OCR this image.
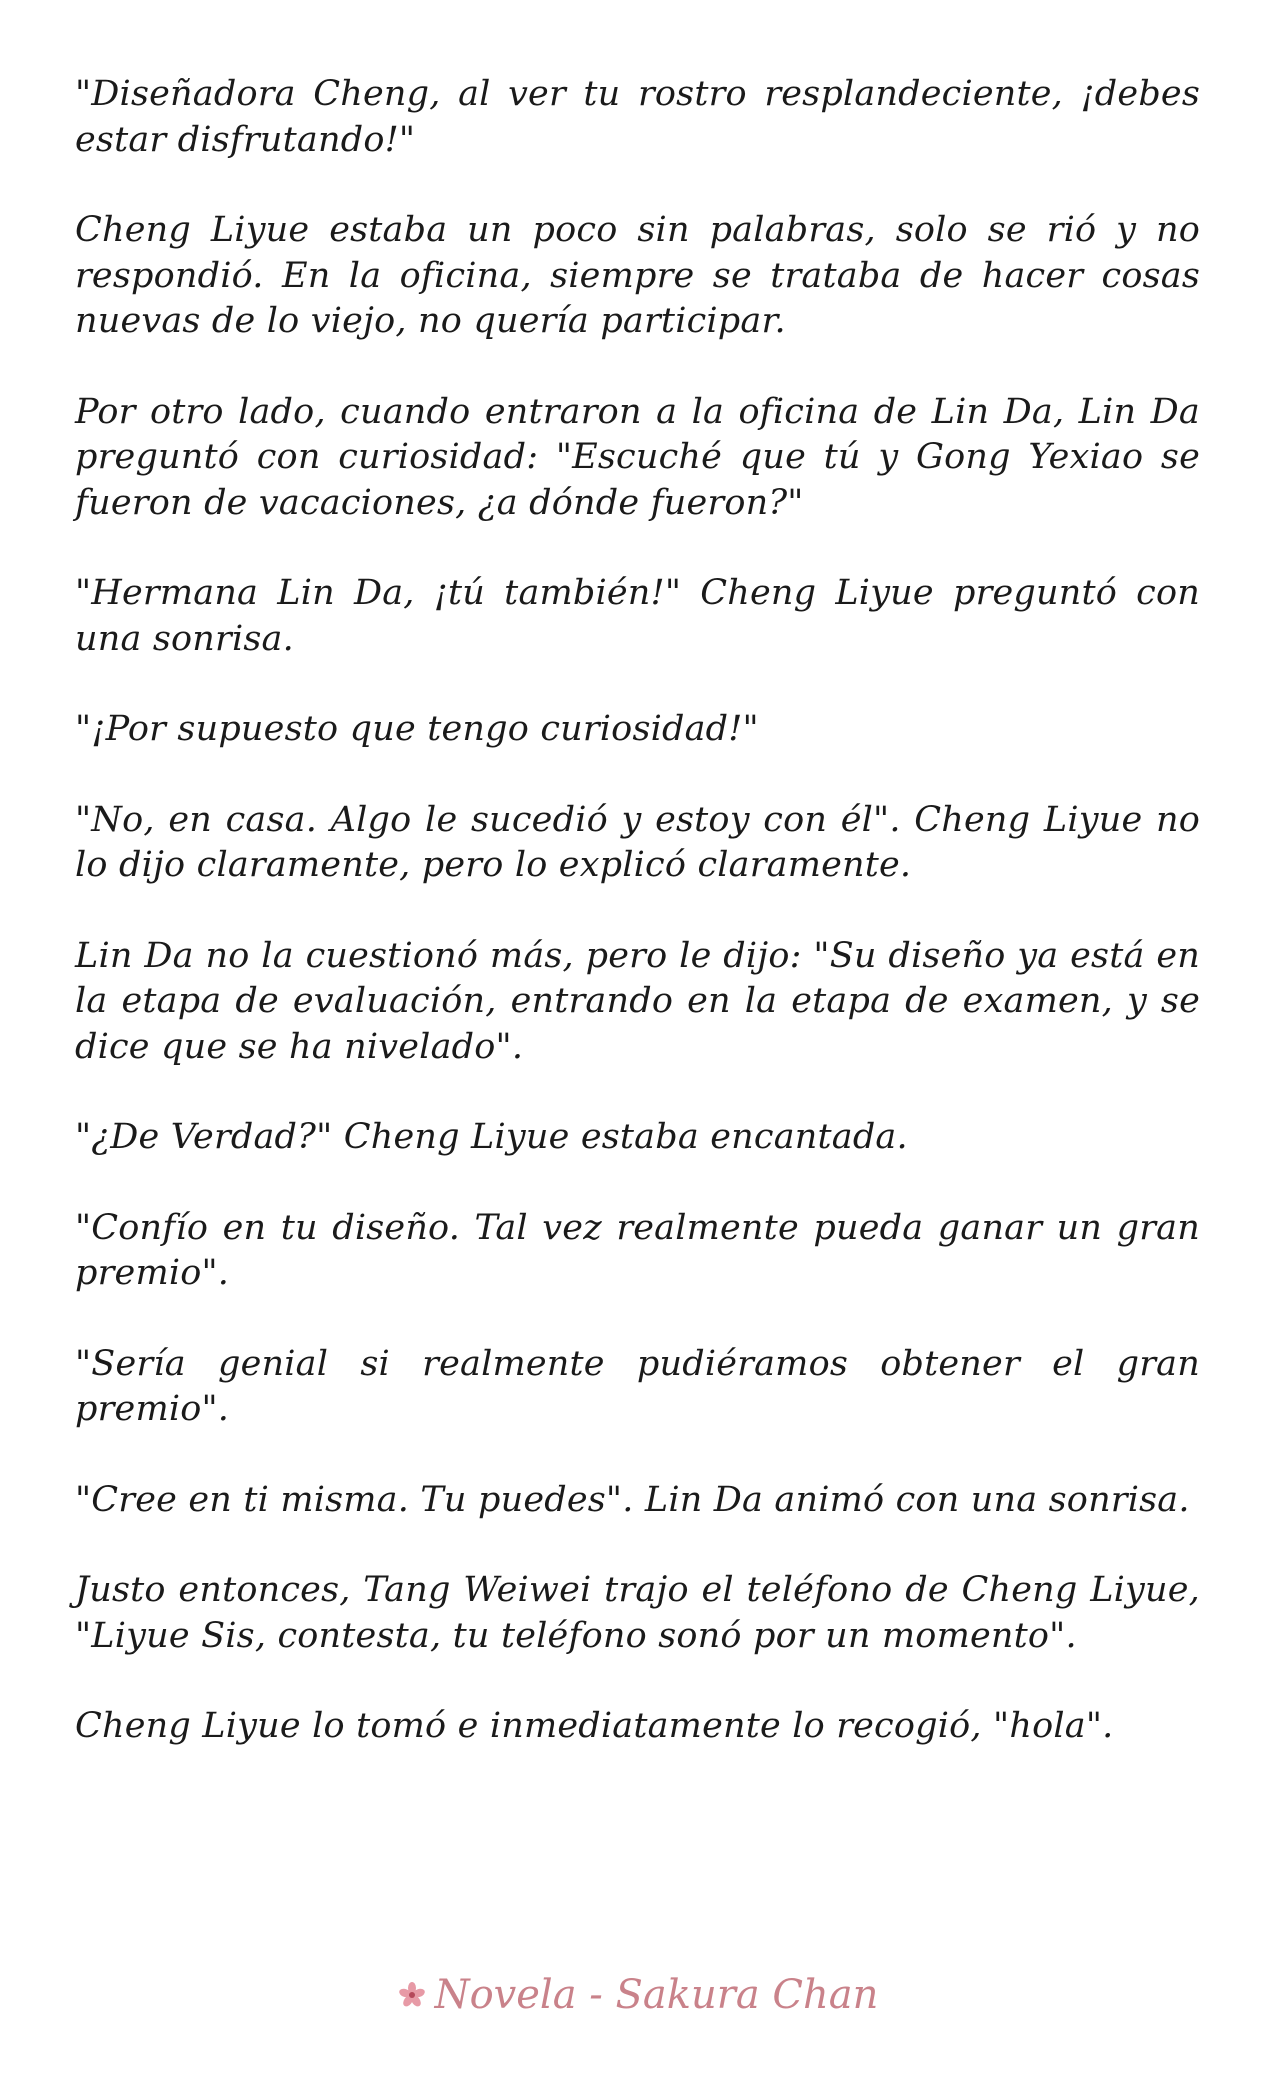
"Diseñadora Cheng, al ver tu rostro resplandeciente, ¡debes estar disfrutando!"

Cheng Liyue estaba un poco sin palabras, solo se rió y no respondió. En la oficina, siempre se trataba de hacer cosas nuevas de lo viejo, no quería participar.

Por otro lado, cuando entraron a la oficina de Lin Da, Lin Da preguntó con curiosidad: "Escuché que tú y Gong Yexiao se fueron de vacaciones, ¿a dónde fueron?"

"Hermana Lin Da, ¡tú también!" Cheng Liyue preguntó con una sonrisa.

"¡Por supuesto que tengo curiosidad!"

"No, en casa. Algo le sucedió y estoy con él". Cheng Liyue no lo dijo claramente, pero lo explicó claramente.

Lin Da no la cuestionó más, pero le dijo: "Su diseño ya está en la etapa de evaluación, entrando en la etapa de examen, y se dice que se ha nivelado".

"¿De Verdad?" Cheng Liyue estaba encantada.

"Confío en tu diseño. Tal vez realmente pueda ganar un gran premio".

"Sería genial si realmente pudiéramos obtener el gran premio".

"Cree en ti misma. Tu puedes". Lin Da animó con una sonrisa.

Justo entonces, Tang Weiwei trajo el teléfono de Cheng Liyue, "Liyue Sis, contesta, tu teléfono sonó por un momento".

Cheng Liyue lo tomó e inmediatamente lo recogió, "hola".

Novela - Sakura Chan
